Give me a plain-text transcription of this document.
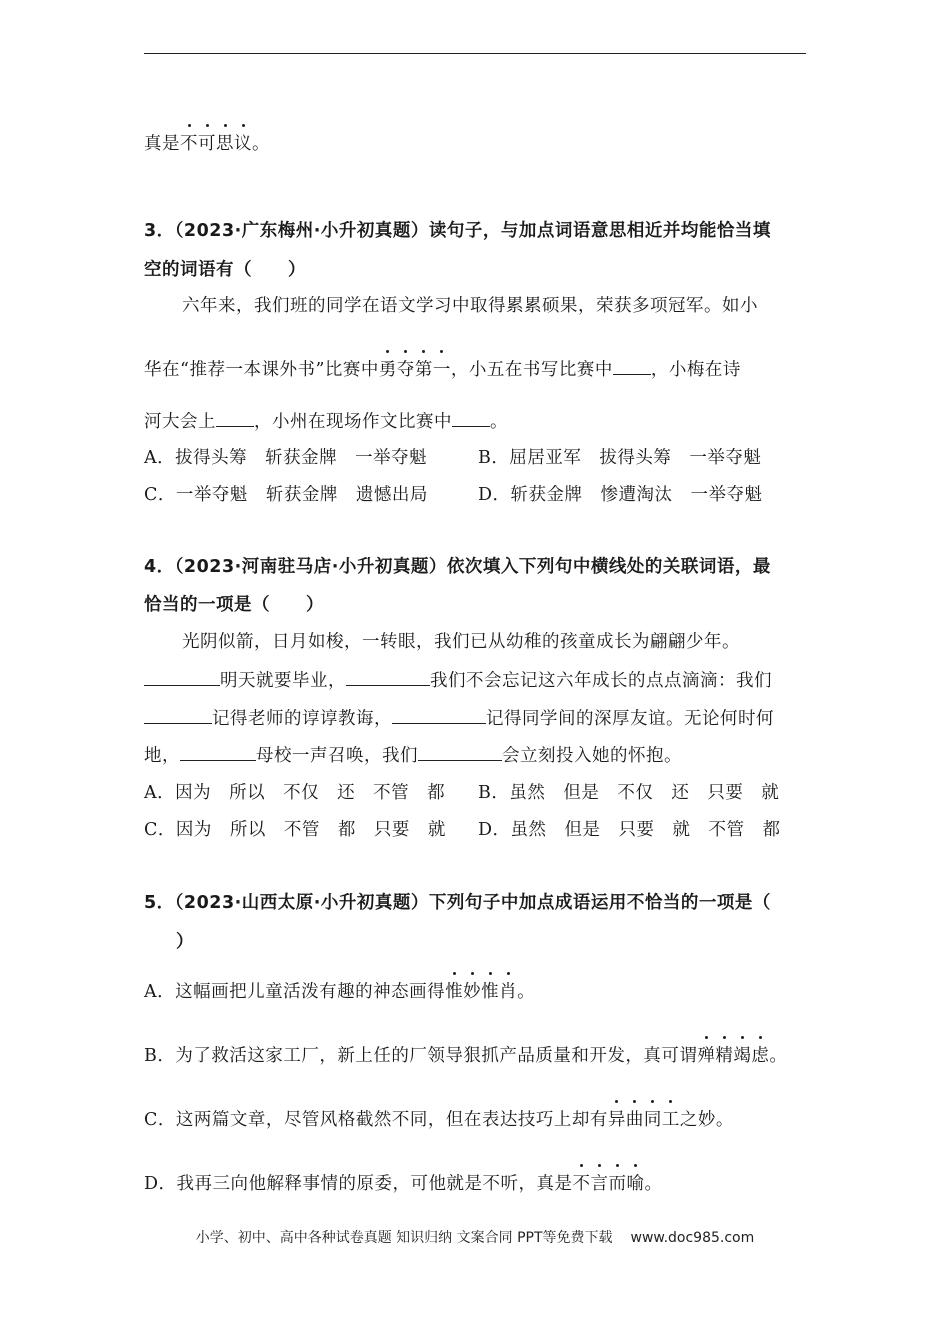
真是不可思议。
3．（2023·广东梅州·小升初真题）读句子，与加点词语意思相近并均能恰当填
空的词语有（　　）
六年来，我们班的同学在语文学习中取得累累硕果，荣获多项冠军。如小
华在“推荐一本课外书”比赛中勇夺第一，小五在书写比赛中 ，小梅在诗
河大会上 ，小州在现场作文比赛中 。
A．拔得头筹 斩获金牌 一举夺魁	B．屈居亚军 拔得头筹 一举夺魁
C．一举夺魁 斩获金牌 遗憾出局	D．斩获金牌 惨遭淘汰 一举夺魁
4．（2023·河南驻马店·小升初真题）依次填入下列句中横线处的关联词语，最
恰当的一项是（　　）
光阴似箭，日月如梭，一转眼，我们已从幼稚的孩童成长为翩翩少年。
明天就要毕业，	我们不会忘记这六年成长的点点滴滴：我们
记得老师的谆谆教诲，	记得同学间的深厚友谊。无论何时何
地，	母校一声召唤，我们	会立刻投入她的怀抱。
A．因为 所以 不仅 还 不管 都 B．虽然 但是 不仅 还 只要 就
C．因为 所以 不管 都 只要 就 D．虽然 但是 只要 就 不管 都
5．（2023·山西太原·小升初真题）下列句子中加点成语运用不恰当的一项是（
）
A．这幅画把儿童活泼有趣的神态画得惟妙惟肖。
B．为了救活这家工厂，新上任的厂领导狠抓产品质量和开发，真可谓殚精竭虑。
C．这两篇文章，尽管风格截然不同，但在表达技巧上却有异曲同工之妙。
D．我再三向他解释事情的原委，可他就是不听，真是不言而喻。
小学、初中、高中各种试卷真题 知识归纳 文案合同 PPT等免费下载 www.doc985.com
